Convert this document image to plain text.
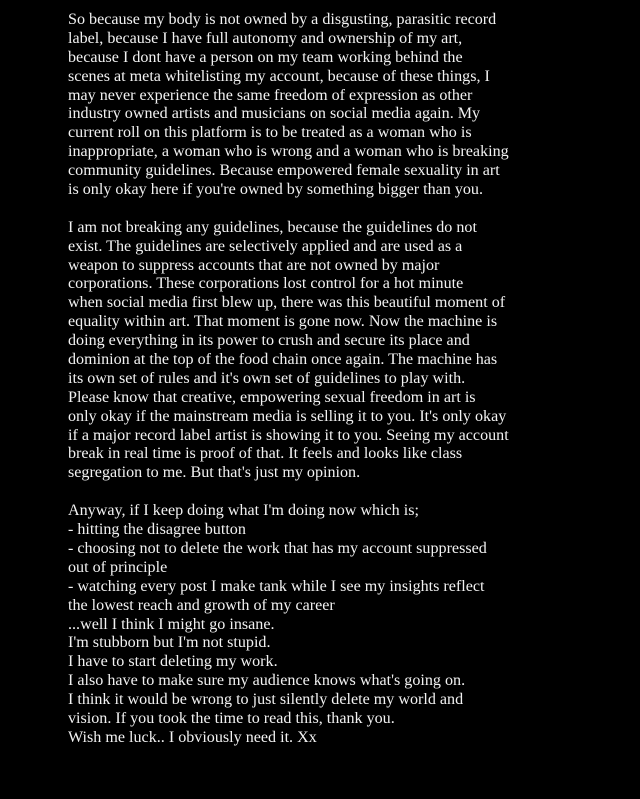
So because my body is not owned by a disgusting, parasitic record
label, because I have full autonomy and ownership of my art,
because I dont have a person on my team working behind the
scenes at meta whitelisting my account, because of these things, I
may never experience the same freedom of expression as other
industry owned artists and musicians on social media again. My
current roll on this platform is to be treated as a woman who is
inappropriate, a woman who is wrong and a woman who is breaking
community guidelines. Because empowered female sexuality in art
is only okay here if you're owned by something bigger than you.
I am not breaking any guidelines, because the guidelines do not
exist. The guidelines are selectively applied and are used as a
weapon to suppress accounts that are not owned by major
corporations. These corporations lost control for a hot minute
when social media first blew up, there was this beautiful moment of
equality within art. That moment is gone now. Now the machine is
doing everything in its power to crush and secure its place and
dominion at the top of the food chain once again. The machine has
its own set of rules and it's own set of guidelines to play with.
Please know that creative, empowering sexual freedom in art is
only okay if the mainstream media is selling it to you. It's only okay
if a major record label artist is showing it to you. Seeing my account
break in real time is proof of that. It feels and looks like class
segregation to me. But that's just my opinion.
Anyway, if I keep doing what I'm doing now which is;
- hitting the disagree button
- choosing not to delete the work that has my account suppressed
out of principle
- watching every post I make tank while I see my insights reflect
the lowest reach and growth of my career
...well I think I might go insane.
I'm stubborn but I'm not stupid.
I have to start deleting my work.
I also have to make sure my audience knows what's going on.
I think it would be wrong to just silently delete my world and
vision. If you took the time to read this, thank you.
Wish me luck.. I obviously need it. Xx
